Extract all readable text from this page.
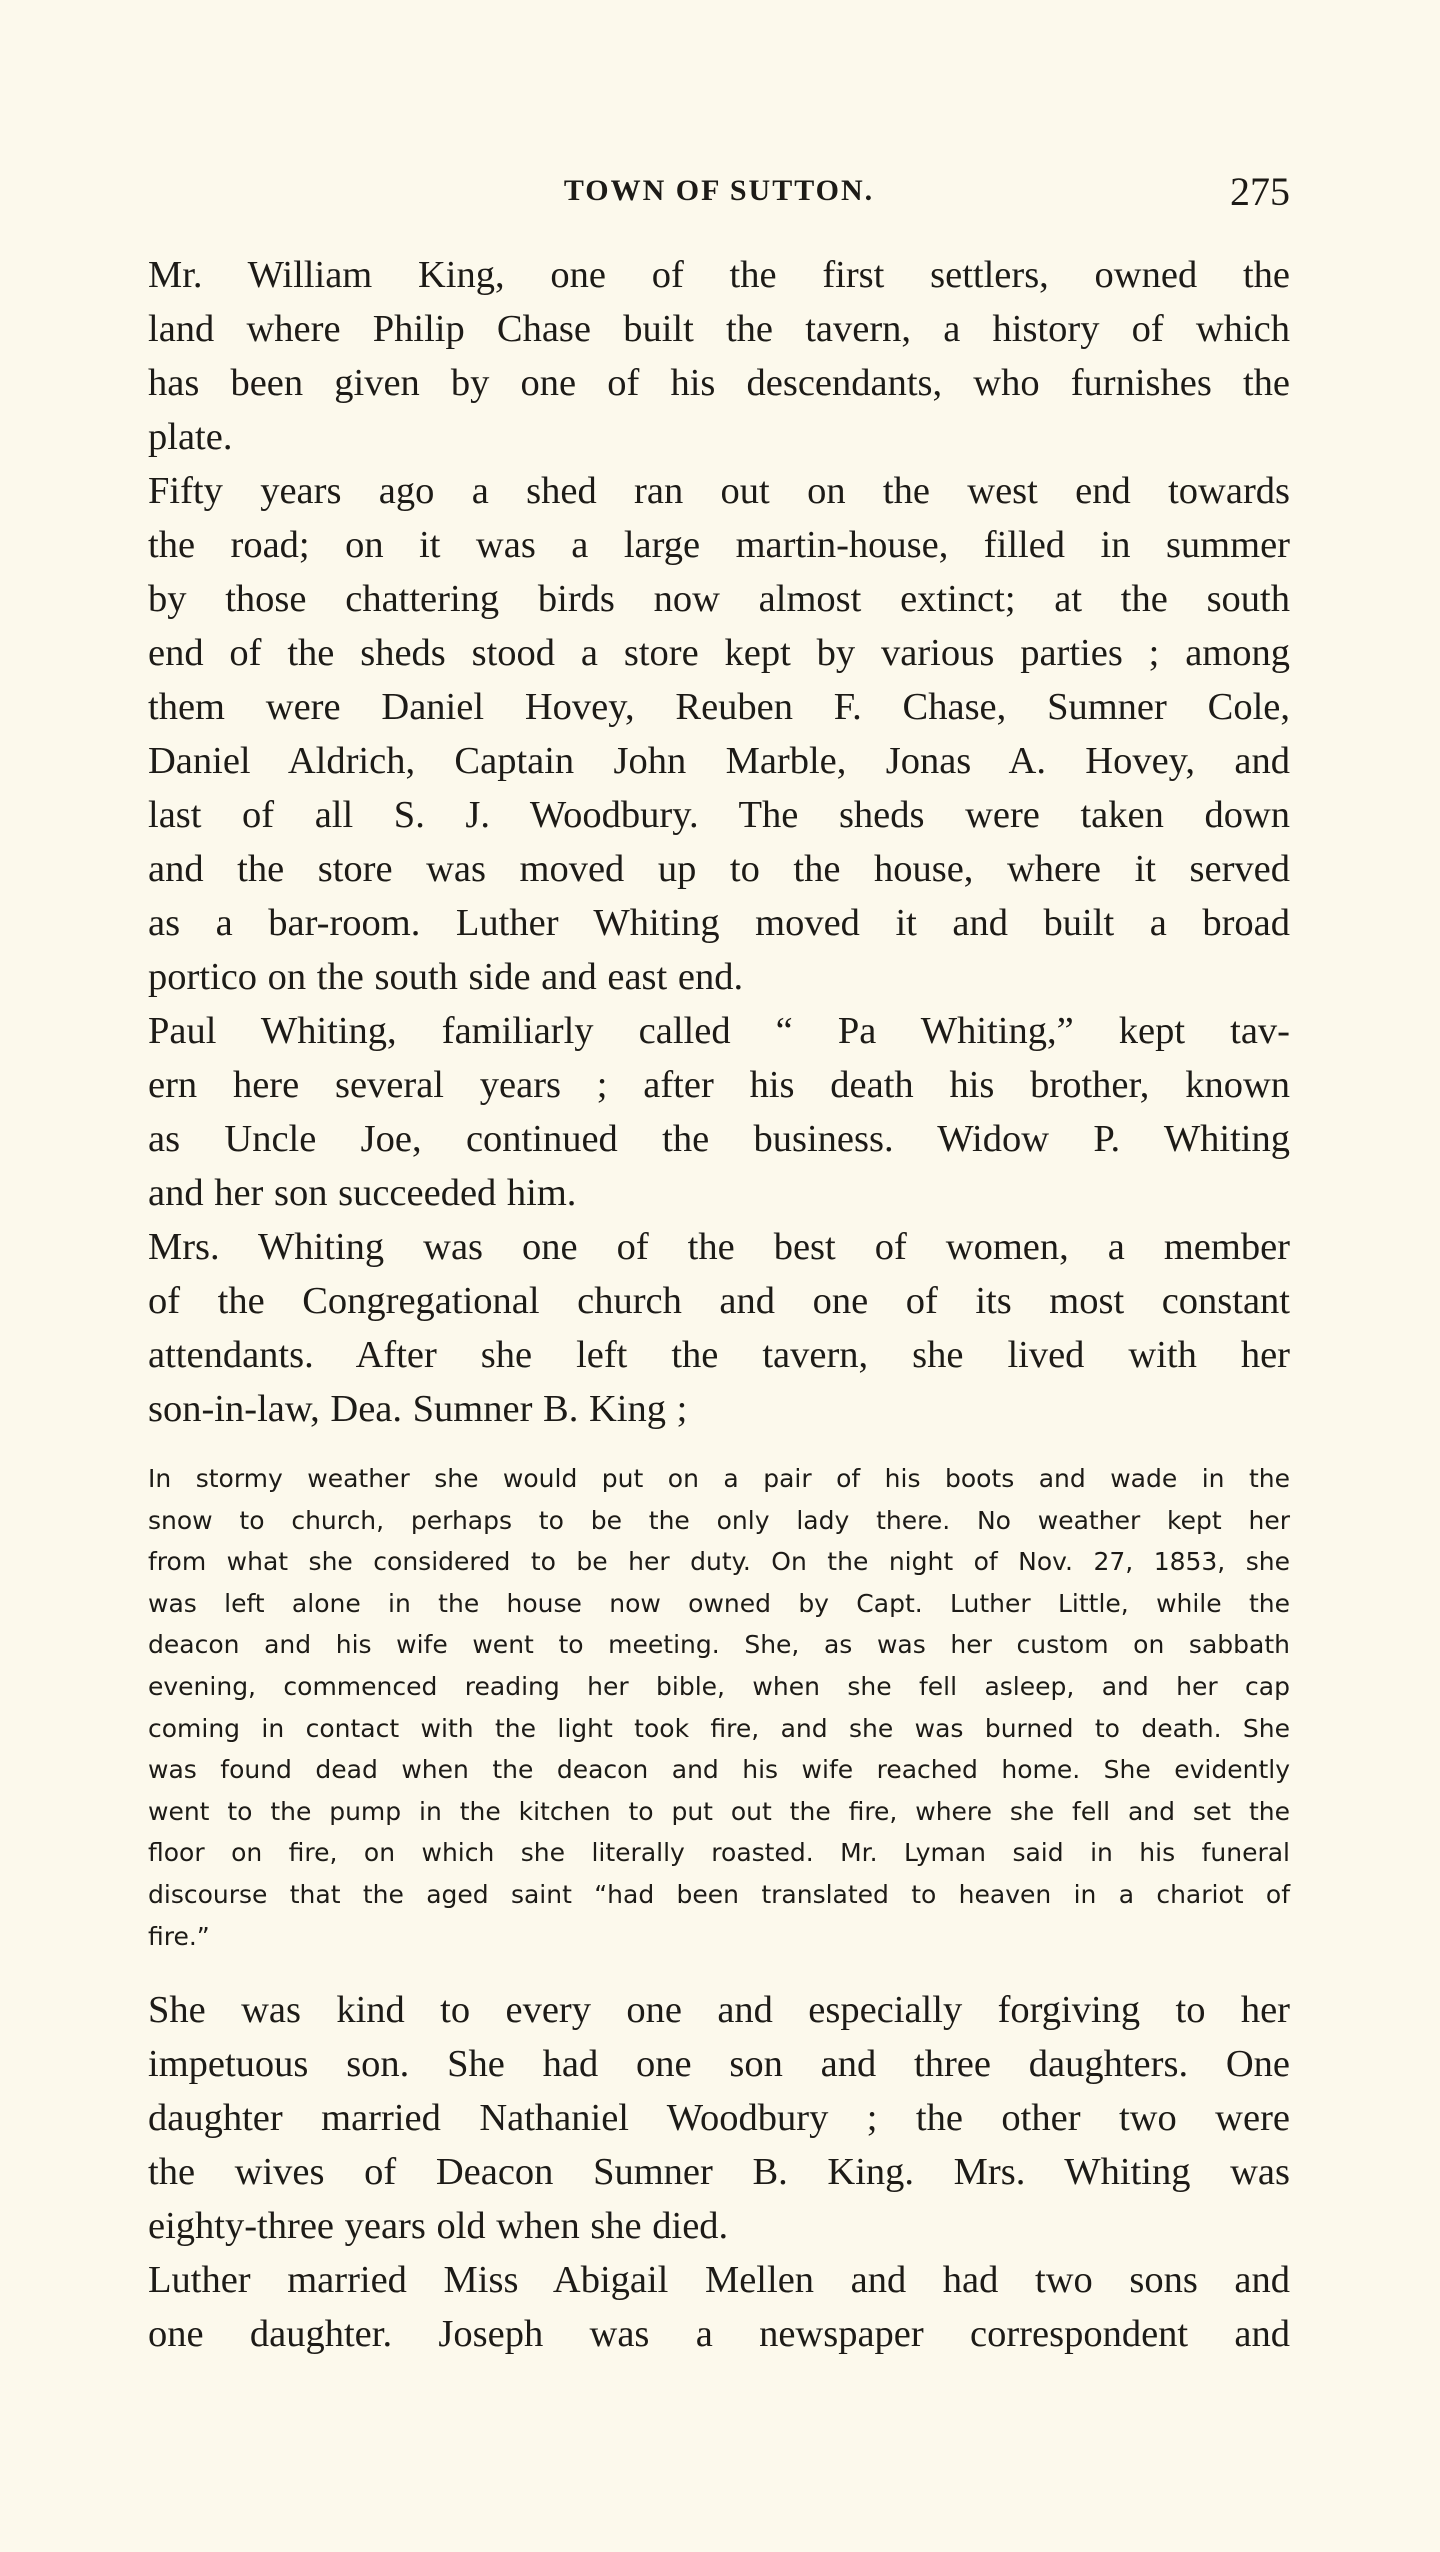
TOWN OF SUTTON.	275

Mr. William King, one of the first settlers, owned the
land where Philip Chase built the tavern, a history of which
has been given by one of his descendants, who furnishes the
plate.

Fifty years ago a shed ran out on the west end towards
the road; on it was a large martin-house, filled in summer
by those chattering birds now almost extinct; at the south
end of the sheds stood a store kept by various parties ; among
them were Daniel Hovey, Reuben F. Chase, Sumner Cole,
Daniel Aldrich, Captain John Marble, Jonas A. Hovey, and
last of all S. J. Woodbury. The sheds were taken down
and the store was moved up to the house, where it served
as a bar-room. Luther Whiting moved it and built a broad
portico on the south side and east end.

Paul Whiting, familiarly called “ Pa Whiting,” kept tav-
ern here several years ; after his death his brother, known
as Uncle Joe, continued the business. Widow P. Whiting
and her son succeeded him.

Mrs. Whiting was one of the best of women, a member
of the Congregational church and one of its most constant
attendants. After she left the tavern, she lived with her
son-in-law, Dea. Sumner B. King ;

In stormy weather she would put on a pair of his boots and wade in the
snow to church, perhaps to be the only lady there. No weather kept her
from what she considered to be her duty. On the night of Nov. 27, 1853, she
was left alone in the house now owned by Capt. Luther Little, while the
deacon and his wife went to meeting. She, as was her custom on sabbath
evening, commenced reading her bible, when she fell asleep, and her cap
coming in contact with the light took fire, and she was burned to death. She
was found dead when the deacon and his wife reached home. She evidently
went to the pump in the kitchen to put out the fire, where she fell and set the
floor on fire, on which she literally roasted. Mr. Lyman said in his funeral
discourse that the aged saint “had been translated to heaven in a chariot of
fire.”

She was kind to every one and especially forgiving to her
impetuous son. She had one son and three daughters. One
daughter married Nathaniel Woodbury ; the other two were
the wives of Deacon Sumner B. King. Mrs. Whiting was
eighty-three years old when she died.

Luther married Miss Abigail Mellen and had two sons and
one daughter. Joseph was a newspaper correspondent and
